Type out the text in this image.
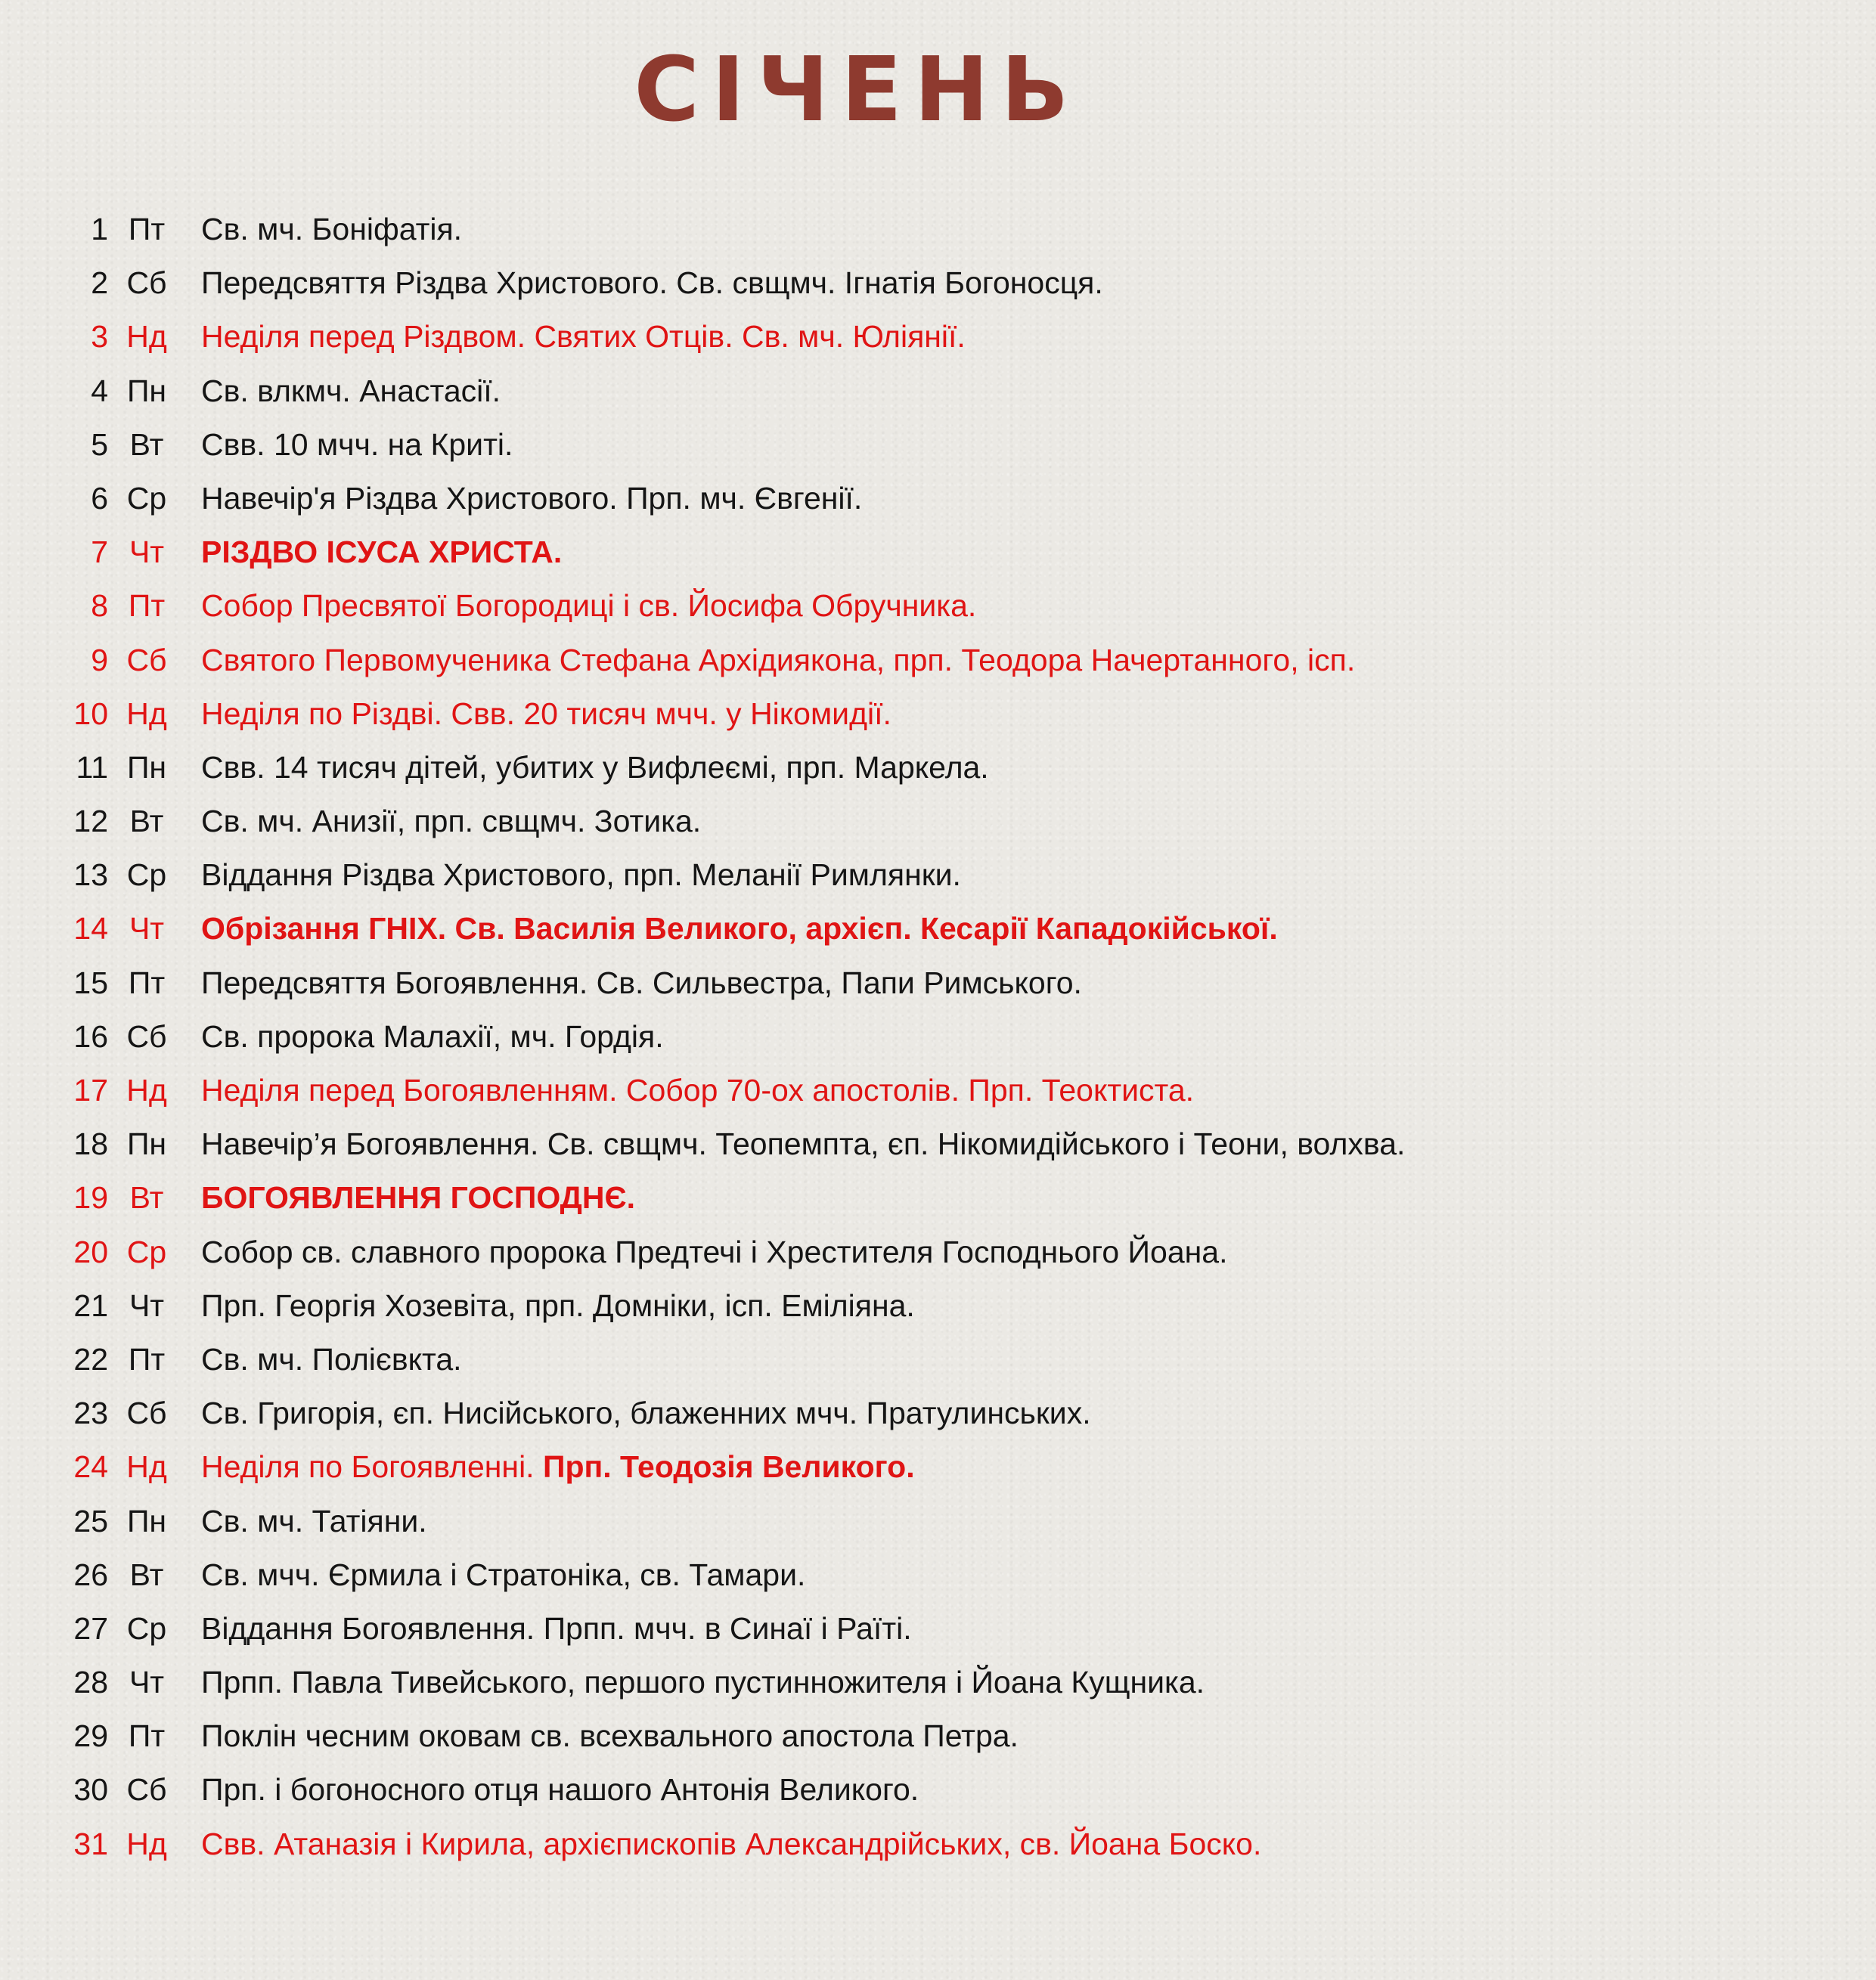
СІЧЕНЬ
1 Пт	Св. мч. Боніфатія.
2 Сб	Передсвяття Різдва Христового. Св. свщмч. Ігнатія Богоносця.
3 Нд	Неділя перед Різдвом. Святих Отців. Св. мч. Юліянії.
4 Пн	Св. влкмч. Анастасії.
5 Вт	Свв. 10 мчч. на Криті.
6 Ср	Навечір'я Різдва Христового. Прп. мч. Євгенії.
7 Чт	РІЗДВО ІСУСА ХРИСТА.
8 Пт	Собор Пресвятої Богородиці і св. Йосифа Обручника.
9 Сб	Святого Первомученика Стефана Архідиякона, прп. Теодора Начертанного, ісп.
10 Нд	Неділя по Різдві. Свв. 20 тисяч мчч. у Нікомидії.
11 Пн	Свв. 14 тисяч дітей, убитих у Вифлеємі, прп. Маркела.
12 Вт	Св. мч. Анизії, прп. свщмч. Зотика.
13 Ср	Віддання Різдва Христового, прп. Меланії Римлянки.
14 Чт	Обрізання ГНІХ. Св. Василія Великого, архієп. Кесарії Кападокійської.
15 Пт	Передсвяття Богоявлення. Св. Сильвестра, Папи Римського.
16 Сб	Св. пророка Малахії, мч. Гордія.
17 Нд	Неділя перед Богоявленням. Собор 70-ох апостолів. Прп. Теоктиста.
18 Пн	Навечір’я Богоявлення. Св. свщмч. Теопемпта, єп. Нікомидійського і Теони, волхва.
19 Вт	БОГОЯВЛЕННЯ ГОСПОДНЄ.
20 Ср	Собор св. славного пророка Предтечі і Хрестителя Господнього Йоана.
21 Чт	Прп. Георгія Хозевіта, прп. Домніки, ісп. Еміліяна.
22 Пт	Св. мч. Полієвкта.
23 Сб	Св. Григорія, єп. Нисійського, блаженних мчч. Пратулинських.
24 Нд	Неділя по Богоявленні. Прп. Теодозія Великого.
25 Пн	Св. мч. Татіяни.
26 Вт	Св. мчч. Єрмила і Стратоніка, св. Тамари.
27 Ср	Віддання Богоявлення. Прпп. мчч. в Синаї і Раїті.
28 Чт	Прпп. Павла Тивейського, першого пустинножителя і Йоана Кущника.
29 Пт	Поклін чесним оковам св. всехвального апостола Петра.
30 Сб	Прп. і богоносного отця нашого Антонія Великого.
31 Нд	Свв. Атаназія і Кирила, архієпископів Александрійських, св. Йоана Боско.
